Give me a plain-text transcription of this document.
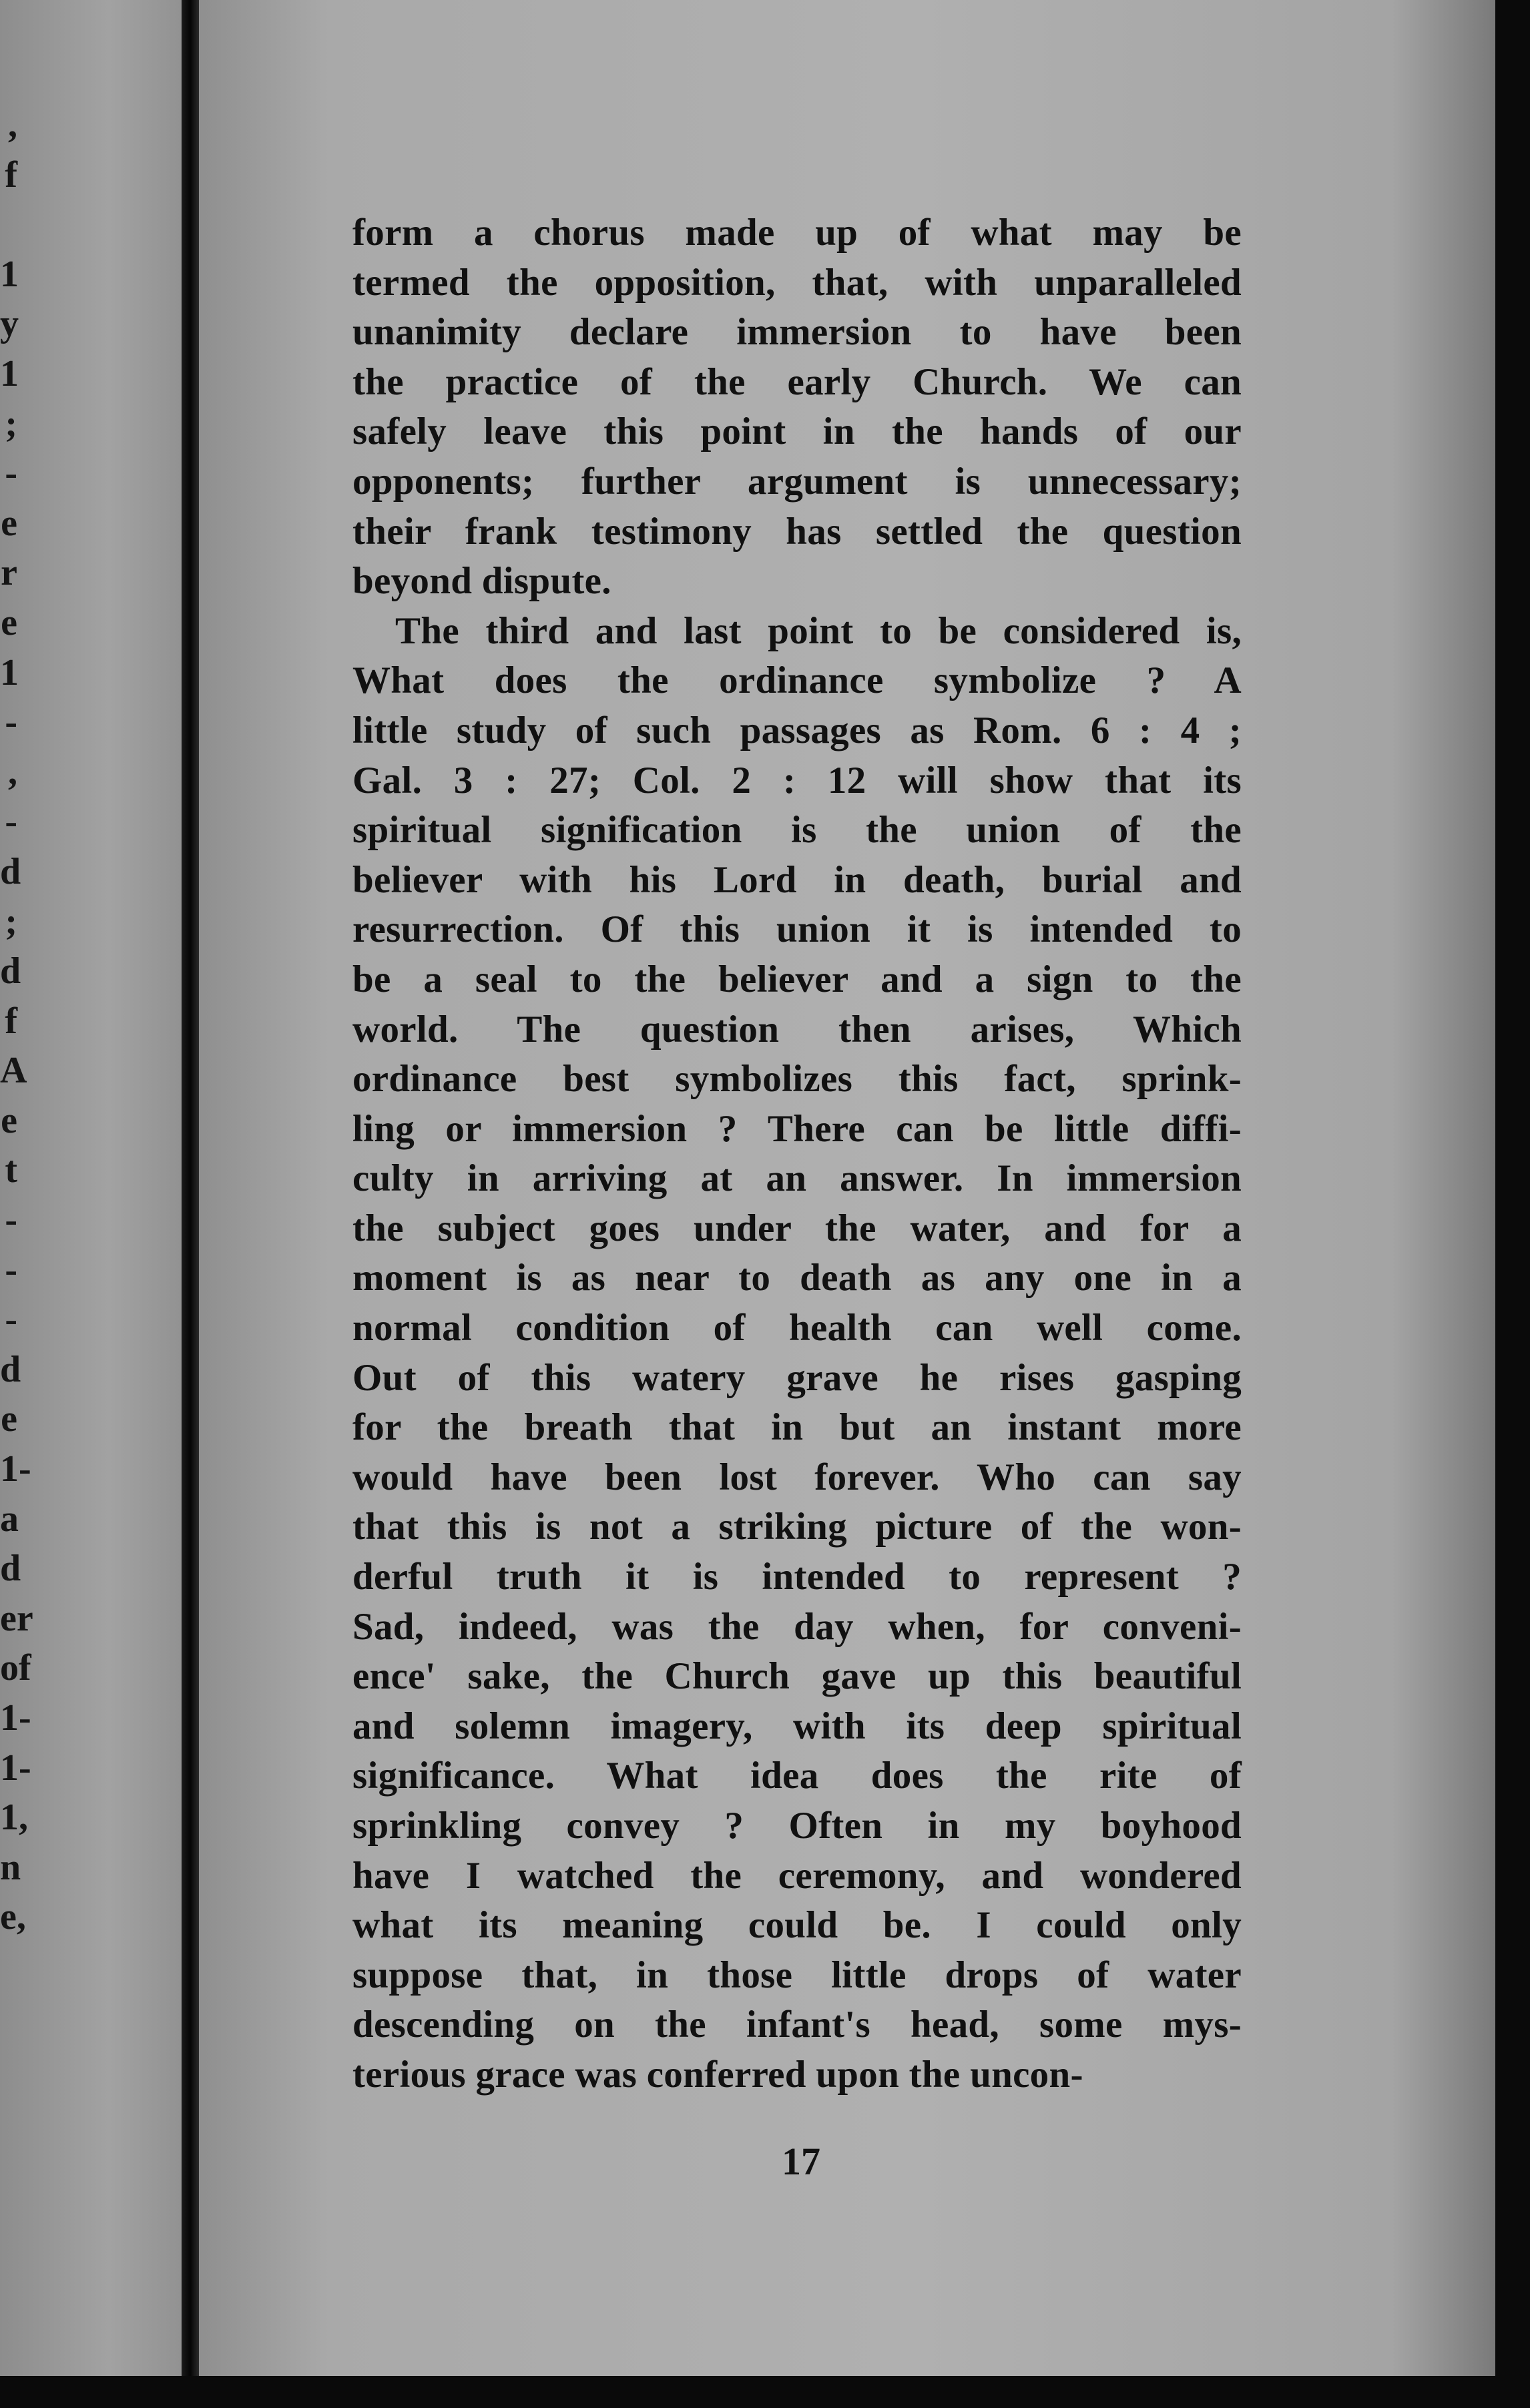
,
f
1
y
1
;
-
e
r
e
1
-
,
-
d
;
d
f
A
e
t
-
-
-
d
e
1-
a
d
er
of
1-
1-
1,
n
e,

form a chorus made up of what may be
termed the opposition, that, with unparalleled
unanimity declare immersion to have been
the practice of the early Church. We can
safely leave this point in the hands of our
opponents; further argument is unnecessary;
their frank testimony has settled the question
beyond dispute.

The third and last point to be considered is,
What does the ordinance symbolize ? A
little study of such passages as Rom. 6 : 4 ;
Gal. 3 : 27; Col. 2 : 12 will show that its
spiritual signification is the union of the
believer with his Lord in death, burial and
resurrection. Of this union it is intended to
be a seal to the believer and a sign to the
world. The question then arises, Which
ordinance best symbolizes this fact, sprink-
ling or immersion ? There can be little diffi-
culty in arriving at an answer. In immersion
the subject goes under the water, and for a
moment is as near to death as any one in a
normal condition of health can well come.
Out of this watery grave he rises gasping
for the breath that in but an instant more
would have been lost forever. Who can say
that this is not a striking picture of the won-
derful truth it is intended to represent ?
Sad, indeed, was the day when, for conveni-
ence' sake, the Church gave up this beautiful
and solemn imagery, with its deep spiritual
significance. What idea does the rite of
sprinkling convey ? Often in my boyhood
have I watched the ceremony, and wondered
what its meaning could be. I could only
suppose that, in those little drops of water
descending on the infant's head, some mys-
terious grace was conferred upon the uncon-

17
